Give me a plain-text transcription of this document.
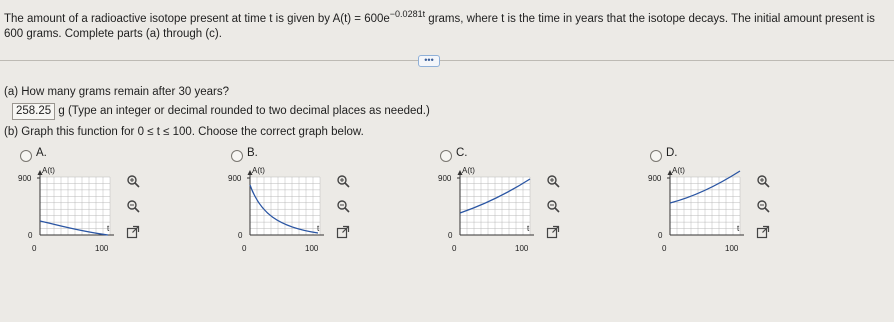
The amount of a radioactive isotope present at time t is given by $A(t) = 600e^{-0.0281t}$ grams, where t is the time in years that the isotope decays. The initial amount present is
600 grams. Complete parts (a) through (c).
•••
(a) How many grams remain after 30 years?
258.25 g (Type an integer or decimal rounded to two decimal places as needed.)
(b) Graph this function for 0 ≤ t ≤ 100. Choose the correct graph below.
A.	B.	C.	D.
A(t)
900
0
0	100
t
A(t)
900
0
0	100
t
A(t)
900
0
0	100
t
A(t)
900
0
0	100
t
